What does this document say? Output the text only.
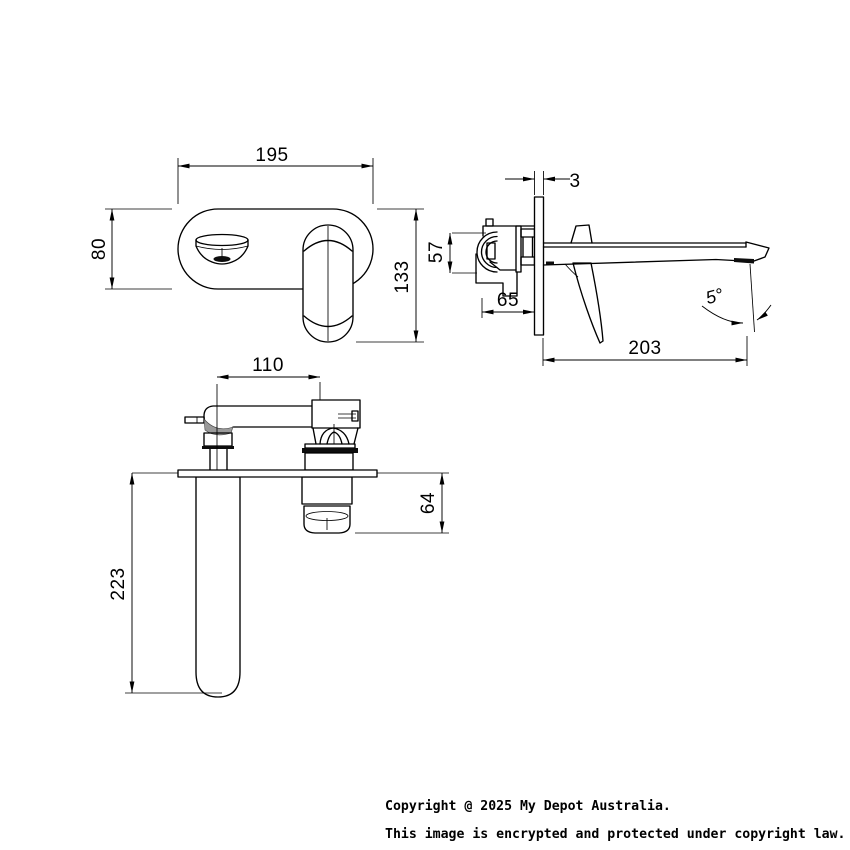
195
80
133
3
57
65
203
5°
110
64
223
Copyright @ 2025 My Depot Australia.
This image is encrypted and protected under copyright law.
